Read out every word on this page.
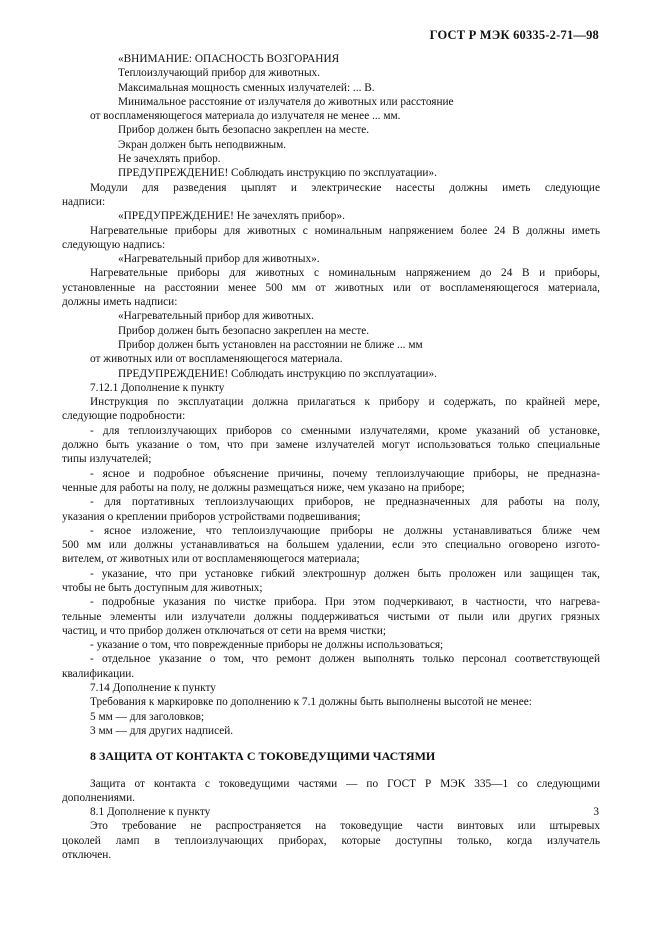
ГОСТ Р МЭК 60335-2-71—98
«ВНИМАНИЕ: ОПАСНОСТЬ ВОЗГОРАНИЯ
Теплоизлучающий прибор для животных.
Максимальная мощность сменных излучателей: ... В.
Минимальное расстояние от излучателя до животных или расстояние
от воспламеняющегося материала до излучателя не менее ... мм.
Прибор должен быть безопасно закреплен на месте.
Экран должен быть неподвижным.
Не зачехлять прибор.
ПРЕДУПРЕЖДЕНИЕ! Соблюдать инструкцию по эксплуатации».
Модули для разведения цыплят и электрические насесты должны иметь следующие
надписи:
«ПРЕДУПРЕЖДЕНИЕ! Не зачехлять прибор».
Нагревательные приборы для животных с номинальным напряжением более 24 В должны иметь
следующую надпись:
«Нагревательный прибор для животных».
Нагревательные приборы для животных с номинальным напряжением до 24 В и приборы,
установленные на расстоянии менее 500 мм от животных или от воспламеняющегося материала,
должны иметь надписи:
«Нагревательный прибор для животных.
Прибор должен быть безопасно закреплен на месте.
Прибор должен быть установлен на расстоянии не ближе ... мм
от животных или от воспламеняющегося материала.
ПРЕДУПРЕЖДЕНИЕ! Соблюдать инструкцию по эксплуатации».
7.12.1 Дополнение к пункту
Инструкция по эксплуатации должна прилагаться к прибору и содержать, по крайней мере,
следующие подробности:
- для теплоизлучающих приборов со сменными излучателями, кроме указаний об установке,
должно быть указание о том, что при замене излучателей могут использоваться только специальные
типы излучателей;
- ясное и подробное объяснение причины, почему теплоизлучающие приборы, не предназна-
ченные для работы на полу, не должны размещаться ниже, чем указано на приборе;
- для портативных теплоизлучающих приборов, не предназначенных для работы на полу,
указания о креплении приборов устройствами подвешивания;
- ясное изложение, что теплоизлучающие приборы не должны устанавливаться ближе чем
500 мм или должны устанавливаться на большем удалении, если это специально оговорено изгото-
вителем, от животных или от воспламеняющегося материала;
- указание, что при установке гибкий электрошнур должен быть проложен или защищен так,
чтобы не быть доступным для животных;
- подробные указания по чистке прибора. При этом подчеркивают, в частности, что нагрева-
тельные элементы или излучатели должны поддерживаться чистыми от пыли или других грязных
частиц, и что прибор должен отключаться от сети на время чистки;
- указание о том, что поврежденные приборы не должны использоваться;
- отдельное указание о том, что ремонт должен выполнять только персонал соответствующей
квалификации.
7.14 Дополнение к пункту
Требования к маркировке по дополнению к 7.1 должны быть выполнены высотой не менее:
5 мм — для заголовков;
3 мм — для других надписей.
8 ЗАЩИТА ОТ КОНТАКТА С ТОКОВЕДУЩИМИ ЧАСТЯМИ
Защита от контакта с токоведущими частями — по ГОСТ Р МЭК 335—1 со следующими
дополнениями.
8.1 Дополнение к пункту
Это требование не распространяется на токоведущие части винтовых или штыревых
цоколей ламп в теплоизлучающих приборах, которые доступны только, когда излучатель
отключен.
3
